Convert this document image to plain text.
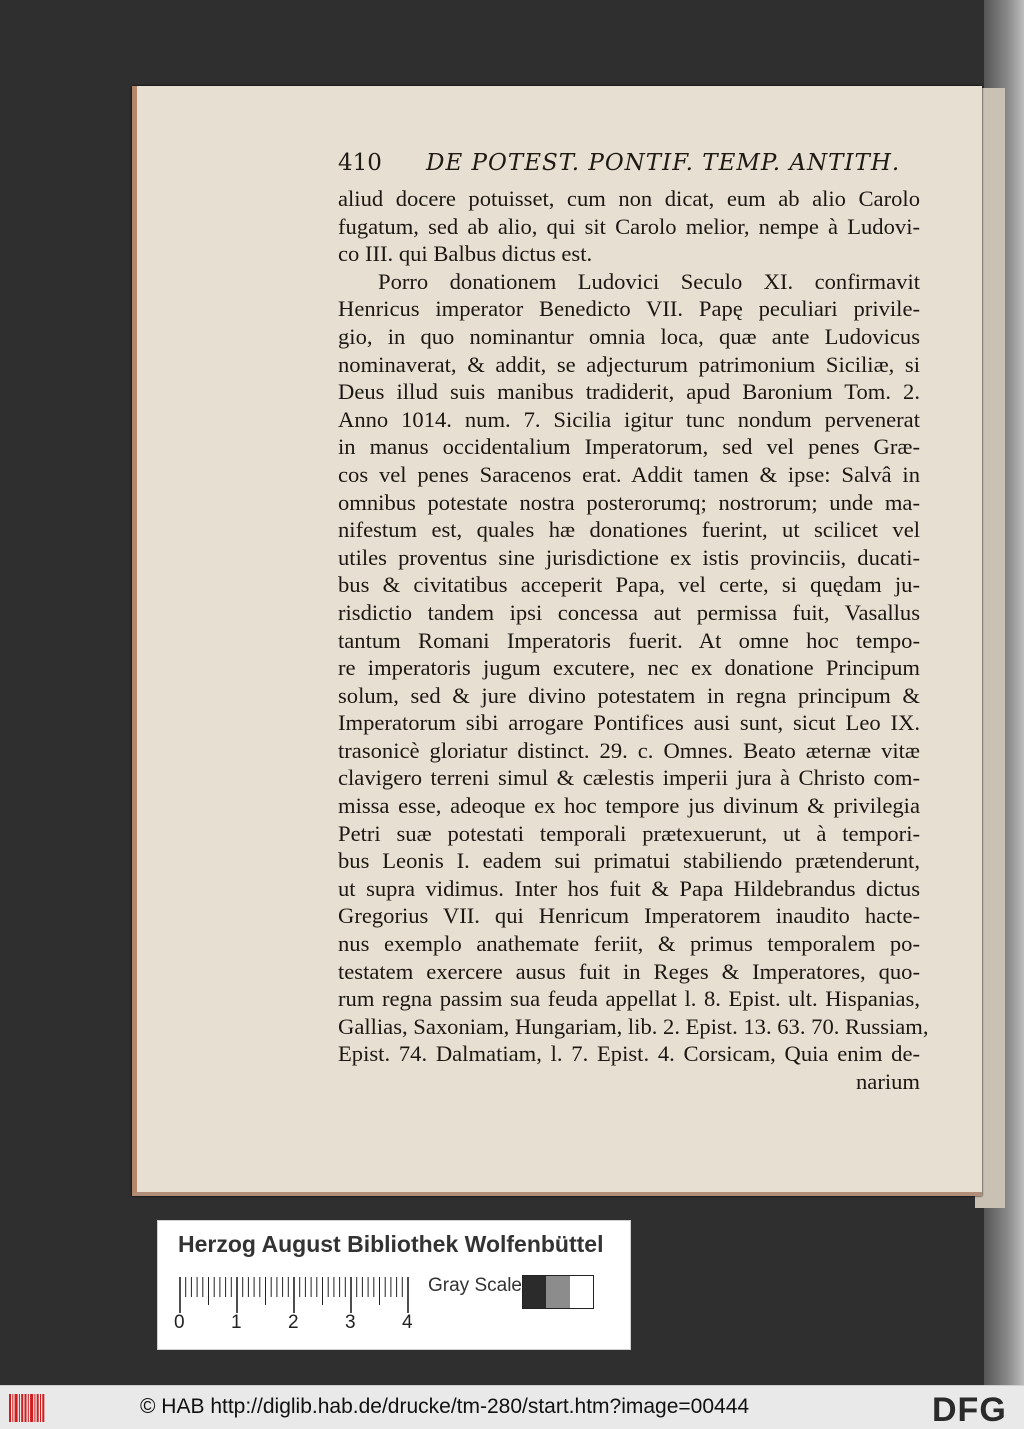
410 DE POTEST. PONTIF. TEMP. ANTITH.
aliud docere potuisset, cum non dicat, eum ab alio Carolo
fugatum, sed ab alio, qui sit Carolo melior, nempe à Ludovi-
co III. qui Balbus dictus est.
Porro donationem Ludovici Seculo XI. confirmavit
Henricus imperator Benedicto VII. Papę peculiari privile-
gio, in quo nominantur omnia loca, quæ ante Ludovicus
nominaverat, & addit, se adjecturum patrimonium Siciliæ, si
Deus illud suis manibus tradiderit, apud Baronium Tom. 2.
Anno 1014. num. 7. Sicilia igitur tunc nondum pervenerat
in manus occidentalium Imperatorum, sed vel penes Græ-
cos vel penes Saracenos erat. Addit tamen & ipse: Salvâ in
omnibus potestate nostra posterorumq; nostrorum; unde ma-
nifestum est, quales hæ donationes fuerint, ut scilicet vel
utiles proventus sine jurisdictione ex istis provinciis, ducati-
bus & civitatibus acceperit Papa, vel certe, si quędam ju-
risdictio tandem ipsi concessa aut permissa fuit, Vasallus
tantum Romani Imperatoris fuerit. At omne hoc tempo-
re imperatoris jugum excutere, nec ex donatione Principum
solum, sed & jure divino potestatem in regna principum &
Imperatorum sibi arrogare Pontifices ausi sunt, sicut Leo IX.
trasonicè gloriatur distinct. 29. c. Omnes. Beato æternæ vitæ
clavigero terreni simul & cælestis imperii jura à Christo com-
missa esse, adeoque ex hoc tempore jus divinum & privilegia
Petri suæ potestati temporali prætexuerunt, ut à tempori-
bus Leonis I. eadem sui primatui stabiliendo prætenderunt,
ut supra vidimus. Inter hos fuit & Papa Hildebrandus dictus
Gregorius VII. qui Henricum Imperatorem inaudito hacte-
nus exemplo anathemate feriit, & primus temporalem po-
testatem exercere ausus fuit in Reges & Imperatores, quo-
rum regna passim sua feuda appellat l. 8. Epist. ult. Hispanias,
Gallias, Saxoniam, Hungariam, lib. 2. Epist. 13. 63. 70. Russiam,
Epist. 74. Dalmatiam, l. 7. Epist. 4. Corsicam, Quia enim de-
narium
Herzog August Bibliothek Wolfenbüttel
0 1 2 3 4
Gray Scale
© HAB http://diglib.hab.de/drucke/tm-280/start.htm?image=00444	DFG
